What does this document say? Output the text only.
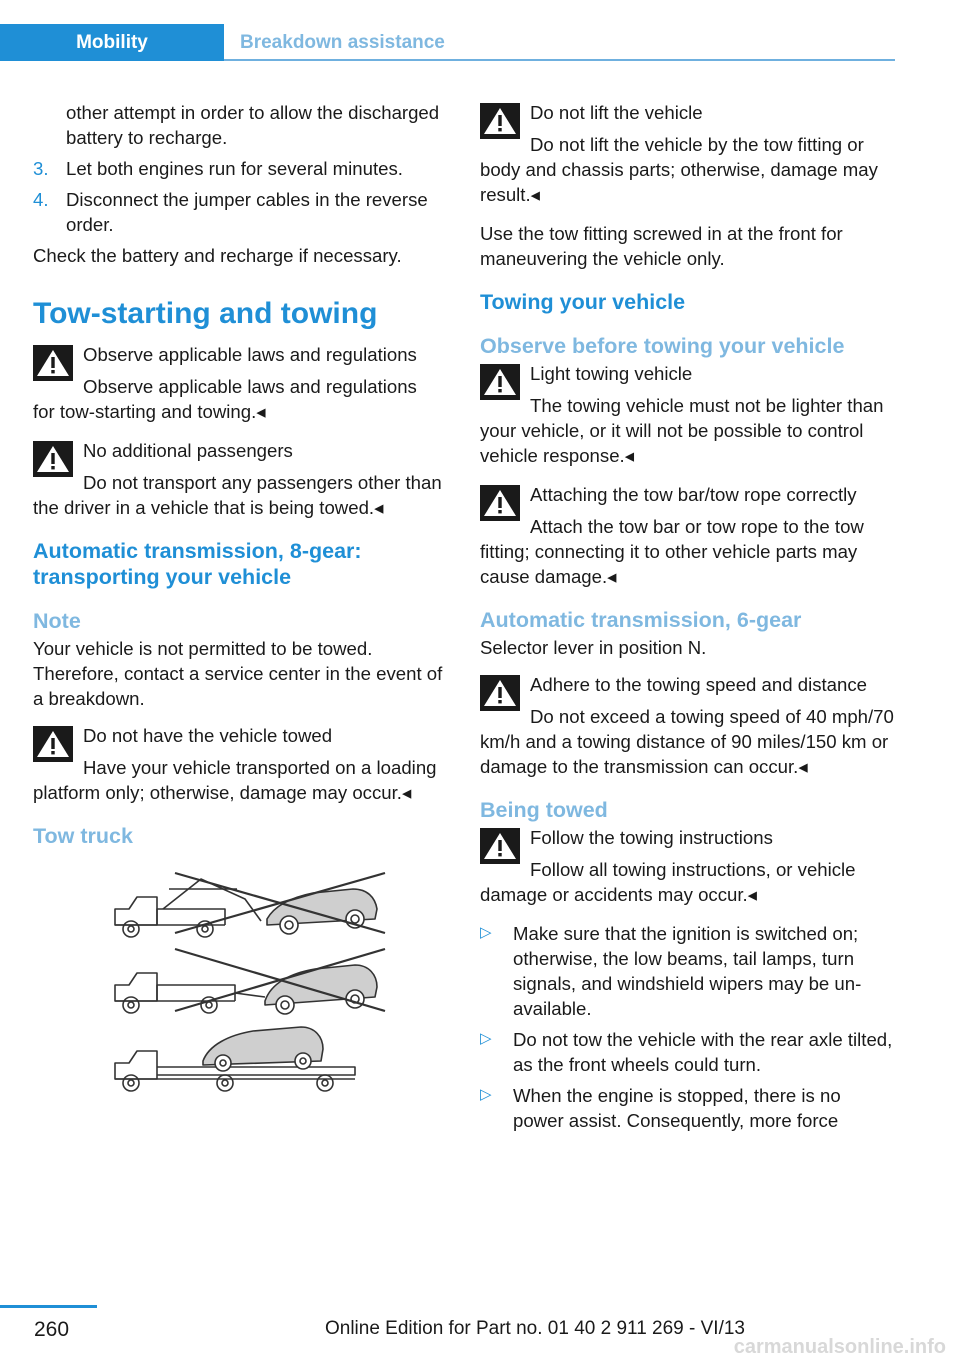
Mobility	Breakdown assistance
other attempt in order to allow the discharged battery to recharge.
3. Let both engines run for several minutes.
4. Disconnect the jumper cables in the reverse order.
Check the battery and recharge if necessary.
Tow-starting and towing
Observe applicable laws and regulations
Observe applicable laws and regulations for tow-starting and towing.◂
No additional passengers
Do not transport any passengers other than the driver in a vehicle that is being towed.◂
Automatic transmission, 8-gear: transporting your vehicle
Note
Your vehicle is not permitted to be towed. Therefore, contact a service center in the event of a breakdown.
Do not have the vehicle towed
Have your vehicle transported on a loading platform only; otherwise, damage may occur.◂
Tow truck
Do not lift the vehicle
Do not lift the vehicle by the tow fitting or body and chassis parts; otherwise, damage may result.◂
Use the tow fitting screwed in at the front for maneuvering the vehicle only.
Towing your vehicle
Observe before towing your vehicle
Light towing vehicle
The towing vehicle must not be lighter than your vehicle, or it will not be possible to control vehicle response.◂
Attaching the tow bar/tow rope correctly
Attach the tow bar or tow rope to the tow fitting; connecting it to other vehicle parts may cause damage.◂
Automatic transmission, 6-gear
Selector lever in position N.
Adhere to the towing speed and distance
Do not exceed a towing speed of 40 mph/70 km/h and a towing distance of 90 miles/150 km or damage to the transmission can occur.◂
Being towed
Follow the towing instructions
Follow all towing instructions, or vehicle damage or accidents may occur.◂
▷ Make sure that the ignition is switched on; otherwise, the low beams, tail lamps, turn signals, and windshield wipers may be unavailable.
▷ Do not tow the vehicle with the rear axle tilted, as the front wheels could turn.
▷ When the engine is stopped, there is no power assist. Consequently, more force
260	Online Edition for Part no. 01 40 2 911 269 - VI/13
carmanualsonline.info
